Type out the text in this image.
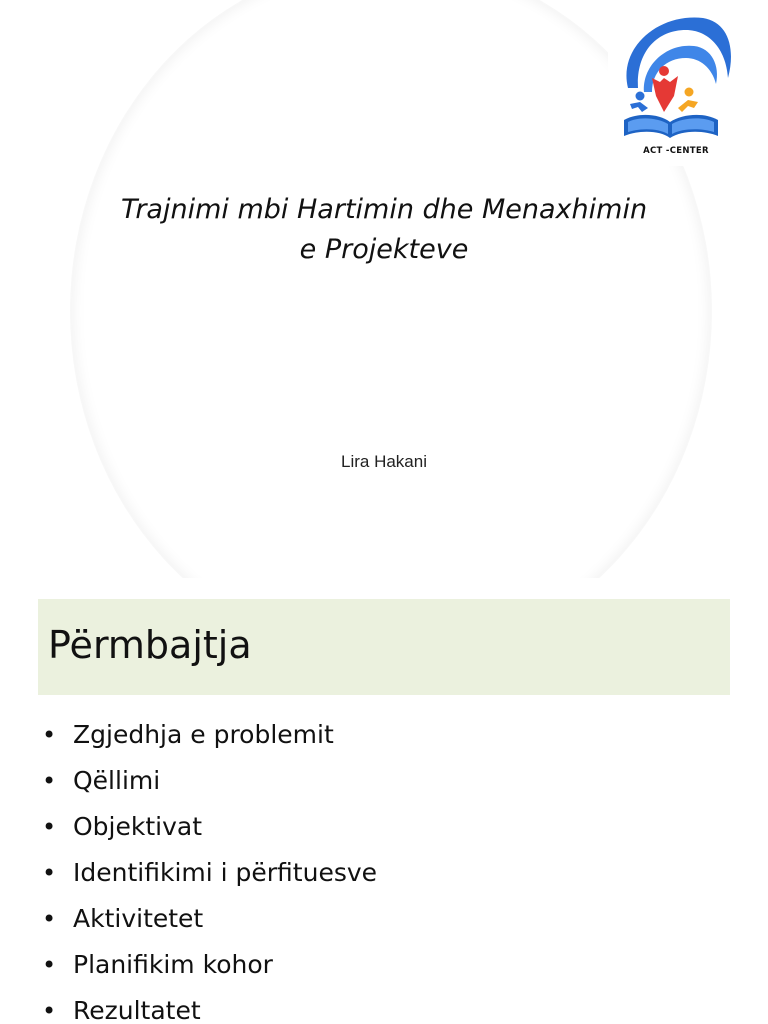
ACT -CENTER
Trajnimi mbi Hartimin dhe Menaxhimin
e Projekteve
Lira Hakani
Përmbajtja
• Zgjedhja e problemit
• Qëllimi
• Objektivat
• Identifikimi i përfituesve
• Aktivitetet
• Planifikim kohor
• Rezultatet
